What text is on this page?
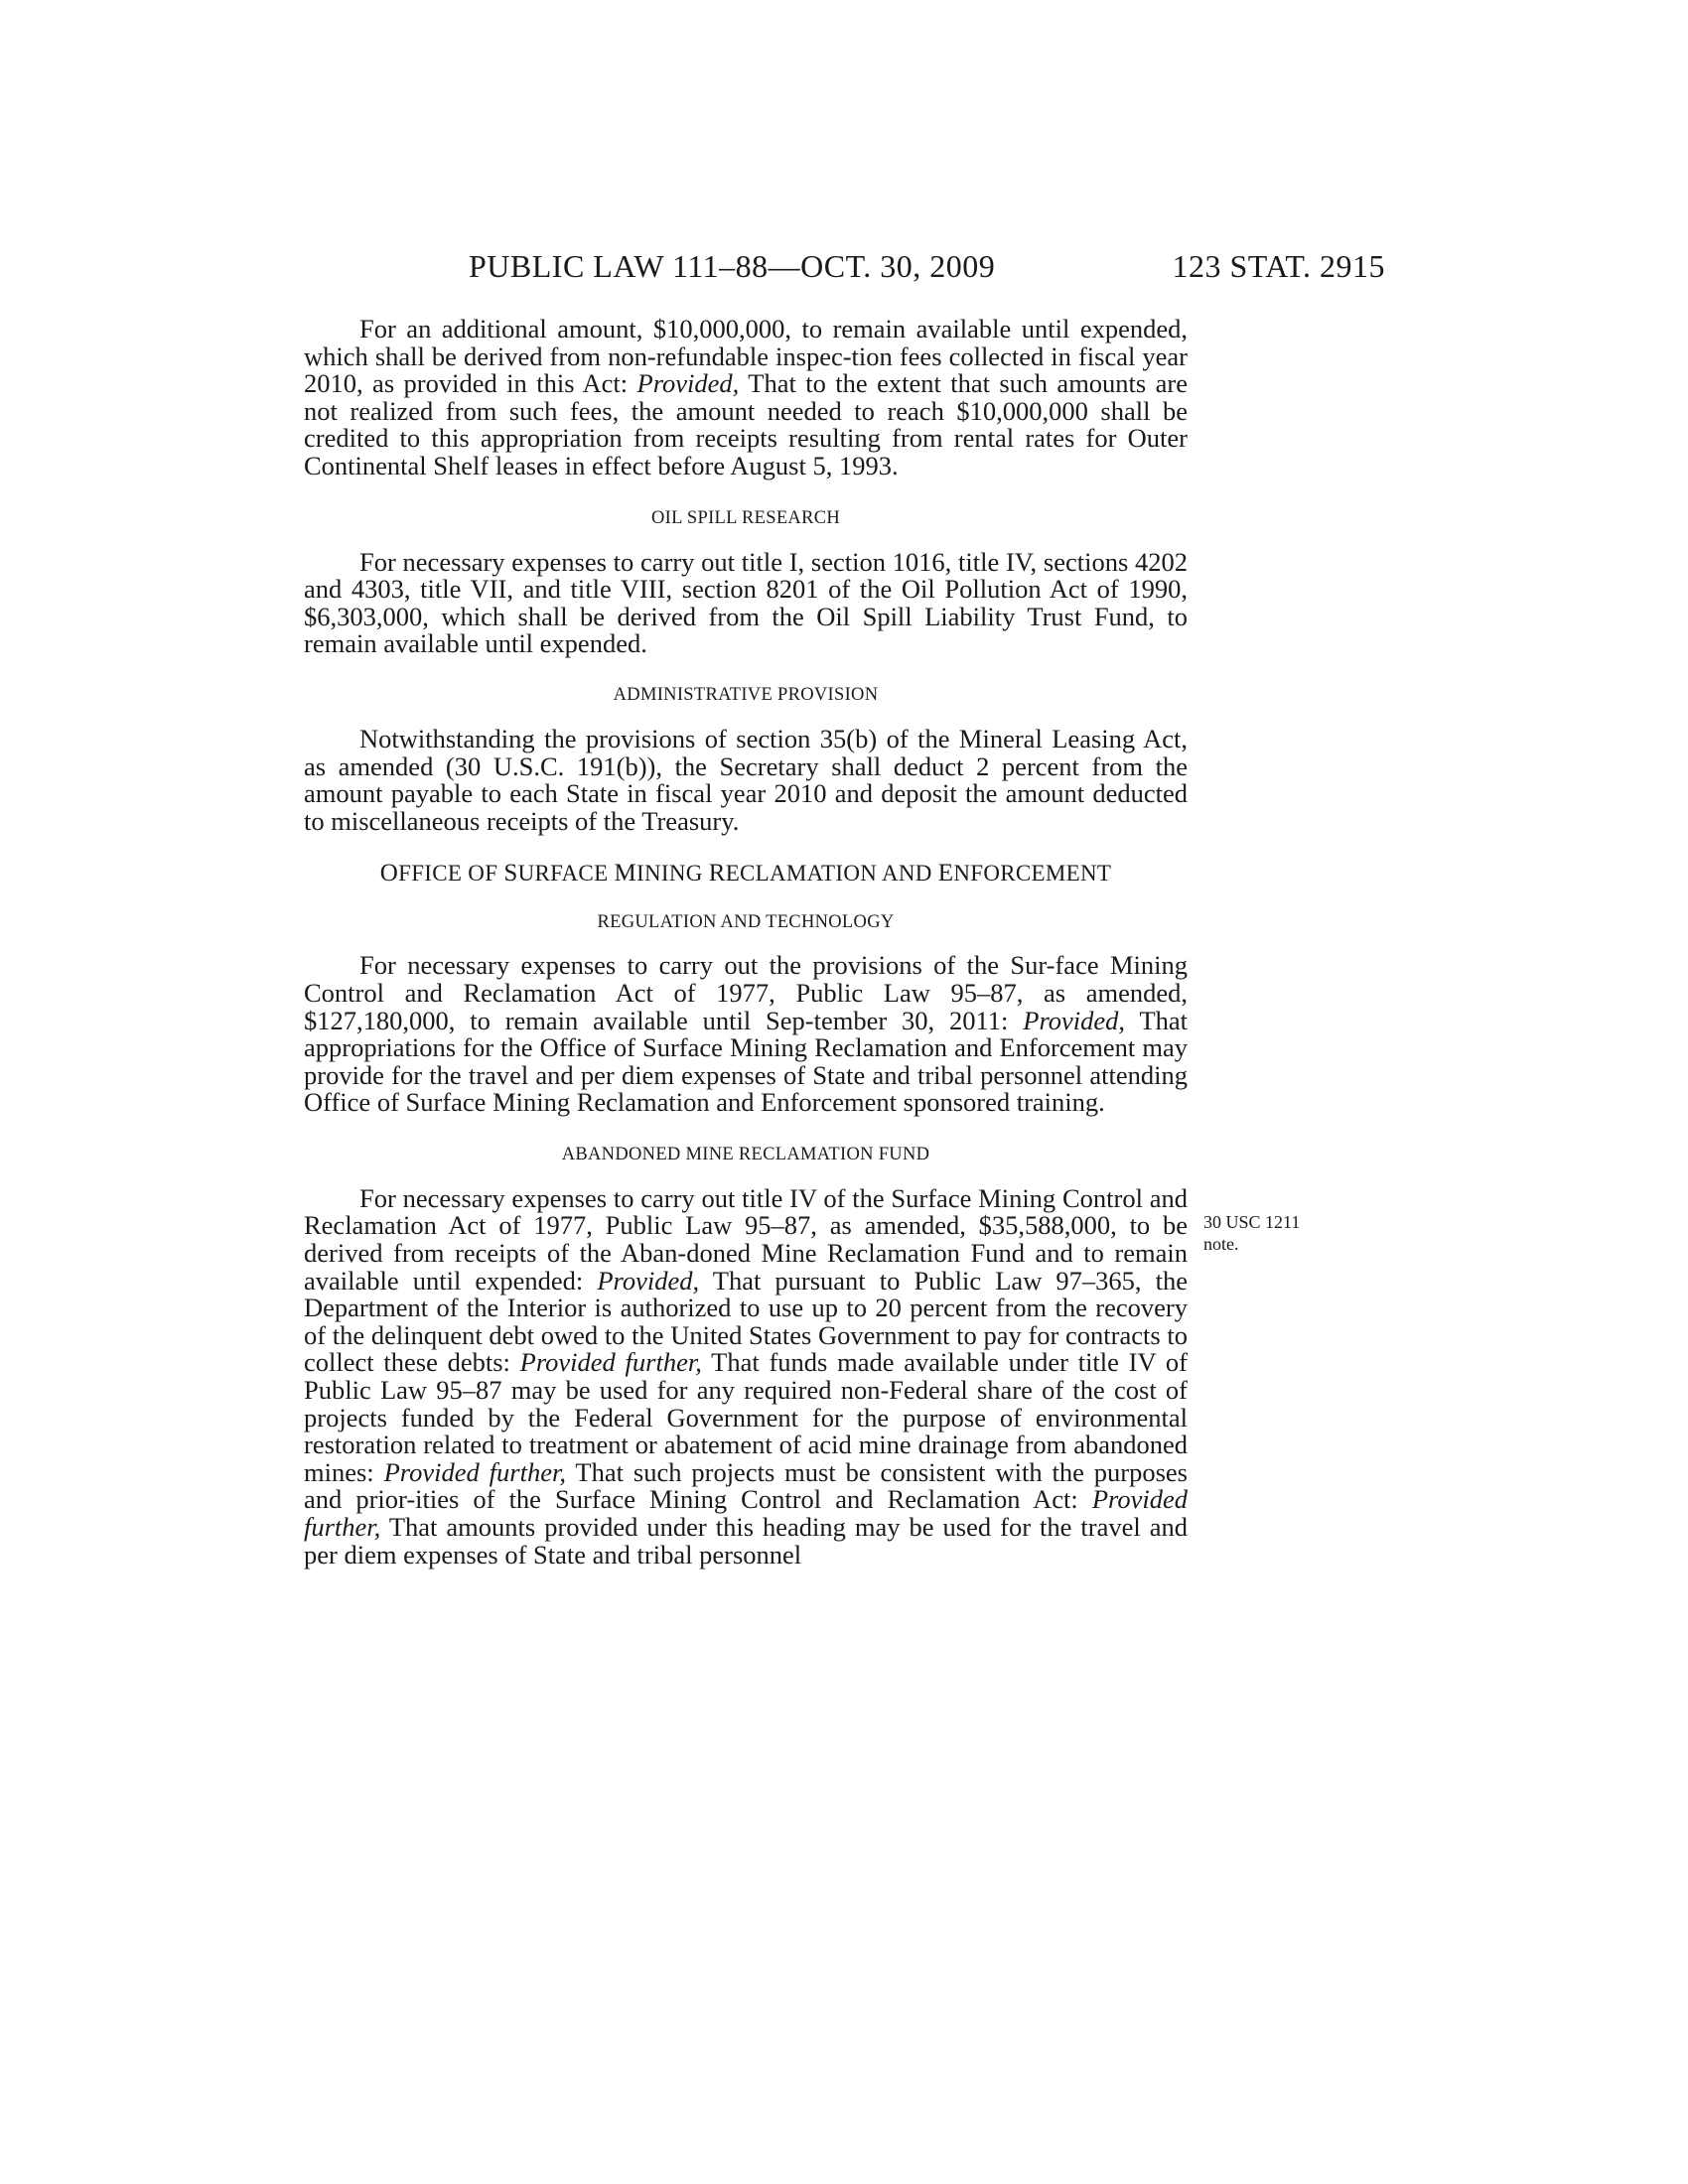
PUBLIC LAW 111–88—OCT. 30, 2009	123 STAT. 2915

For an additional amount, $10,000,000, to remain available until expended, which shall be derived from non-refundable inspec-tion fees collected in fiscal year 2010, as provided in this Act: Provided, That to the extent that such amounts are not realized from such fees, the amount needed to reach $10,000,000 shall be credited to this appropriation from receipts resulting from rental rates for Outer Continental Shelf leases in effect before August 5, 1993.

OIL SPILL RESEARCH

For necessary expenses to carry out title I, section 1016, title IV, sections 4202 and 4303, title VII, and title VIII, section 8201 of the Oil Pollution Act of 1990, $6,303,000, which shall be derived from the Oil Spill Liability Trust Fund, to remain available until expended.

ADMINISTRATIVE PROVISION

Notwithstanding the provisions of section 35(b) of the Mineral Leasing Act, as amended (30 U.S.C. 191(b)), the Secretary shall deduct 2 percent from the amount payable to each State in fiscal year 2010 and deposit the amount deducted to miscellaneous receipts of the Treasury.

OFFICE OF SURFACE MINING RECLAMATION AND ENFORCEMENT
REGULATION AND TECHNOLOGY

For necessary expenses to carry out the provisions of the Sur-face Mining Control and Reclamation Act of 1977, Public Law 95–87, as amended, $127,180,000, to remain available until Sep-tember 30, 2011: Provided, That appropriations for the Office of Surface Mining Reclamation and Enforcement may provide for the travel and per diem expenses of State and tribal personnel attending Office of Surface Mining Reclamation and Enforcement sponsored training.

ABANDONED MINE RECLAMATION FUND

For necessary expenses to carry out title IV of the Surface Mining Control and Reclamation Act of 1977, Public Law 95–87, as amended, $35,588,000, to be derived from receipts of the Aban-doned Mine Reclamation Fund and to remain available until expended: Provided, That pursuant to Public Law 97–365, the Department of the Interior is authorized to use up to 20 percent from the recovery of the delinquent debt owed to the United States Government to pay for contracts to collect these debts: Provided further, That funds made available under title IV of Public Law 95–87 may be used for any required non-Federal share of the cost of projects funded by the Federal Government for the purpose of environmental restoration related to treatment or abatement of acid mine drainage from abandoned mines: Provided further, That such projects must be consistent with the purposes and prior-ities of the Surface Mining Control and Reclamation Act: Provided further, That amounts provided under this heading may be used for the travel and per diem expenses of State and tribal personnel

30 USC 1211
note.
